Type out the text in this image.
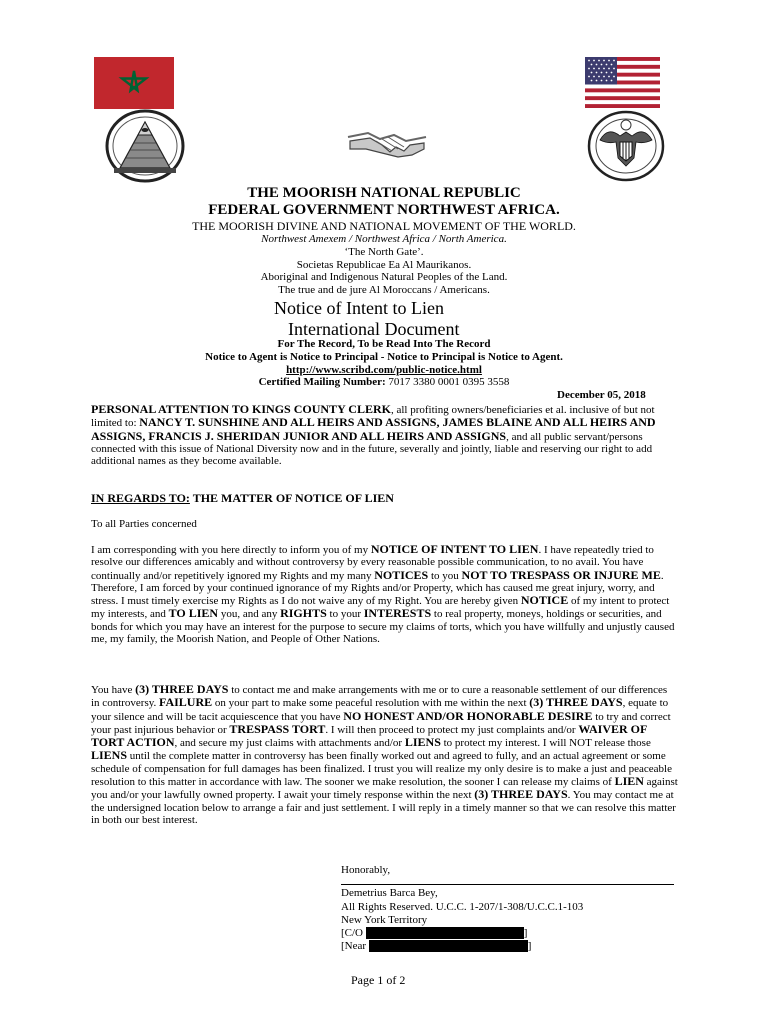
THE MOORISH NATIONAL REPUBLIC
FEDERAL GOVERNMENT NORTHWEST AFRICA.
THE MOORISH DIVINE AND NATIONAL MOVEMENT OF THE WORLD.
Northwest Amexem / Northwest Africa / North America.
‘The North Gate’.
Societas Republicae Ea Al Maurikanos.
Aboriginal and Indigenous Natural Peoples of the Land.
The true and de jure Al Moroccans / Americans.
Notice of Intent to Lien
International Document
For The Record, To be Read Into The Record
Notice to Agent is Notice to Principal - Notice to Principal is Notice to Agent.
http://www.scribd.com/public-notice.html
Certified Mailing Number: 7017 3380 0001 0395 3558
December 05, 2018
PERSONAL ATTENTION TO KINGS COUNTY CLERK, all profiting owners/beneficiaries et al. inclusive of but not limited to: NANCY T. SUNSHINE AND ALL HEIRS AND ASSIGNS, JAMES BLAINE AND ALL HEIRS AND ASSIGNS, FRANCIS J. SHERIDAN JUNIOR AND ALL HEIRS AND ASSIGNS, and all public servant/persons connected with this issue of National Diversity now and in the future, severally and jointly, liable and reserving our right to add additional names as they become available.
IN REGARDS TO: THE MATTER OF NOTICE OF LIEN
To all Parties concerned
I am corresponding with you here directly to inform you of my NOTICE OF INTENT TO LIEN. I have repeatedly tried to resolve our differences amicably and without controversy by every reasonable possible communication, to no avail. You have continually and/or repetitively ignored my Rights and my many NOTICES to you NOT TO TRESPASS OR INJURE ME. Therefore, I am forced by your continued ignorance of my Rights and/or Property, which has caused me great injury, worry, and stress. I must timely exercise my Rights as I do not waive any of my Right. You are hereby given NOTICE of my intent to protect my interests, and TO LIEN you, and any RIGHTS to your INTERESTS to real property, moneys, holdings or securities, and bonds for which you may have an interest for the purpose to secure my claims of torts, which you have willfully and unjustly caused me, my family, the Moorish Nation, and People of Other Nations.
You have (3) THREE DAYS to contact me and make arrangements with me or to cure a reasonable settlement of our differences in controversy. FAILURE on your part to make some peaceful resolution with me within the next (3) THREE DAYS, equate to your silence and will be tacit acquiescence that you have NO HONEST AND/OR HONORABLE DESIRE to try and correct your past injurious behavior or TRESPASS TORT. I will then proceed to protect my just complaints and/or WAIVER OF TORT ACTION, and secure my just claims with attachments and/or LIENS to protect my interest. I will NOT release those LIENS until the complete matter in controversy has been finally worked out and agreed to fully, and an actual agreement or some schedule of compensation for full damages has been finalized. I trust you will realize my only desire is to make a just and peaceable resolution to this matter in accordance with law. The sooner we make resolution, the sooner I can release my claims of LIEN against you and/or your lawfully owned property. I await your timely response within the next (3) THREE DAYS. You may contact me at the undersigned location below to arrange a fair and just settlement. I will reply in a timely manner so that we can resolve this matter in both our best interest.
Honorably,
Demetrius Barca Bey,
All Rights Reserved. U.C.C. 1-207/1-308/U.C.C.1-103
New York Territory
[C/O	]
[Near	]
Page 1 of 2
